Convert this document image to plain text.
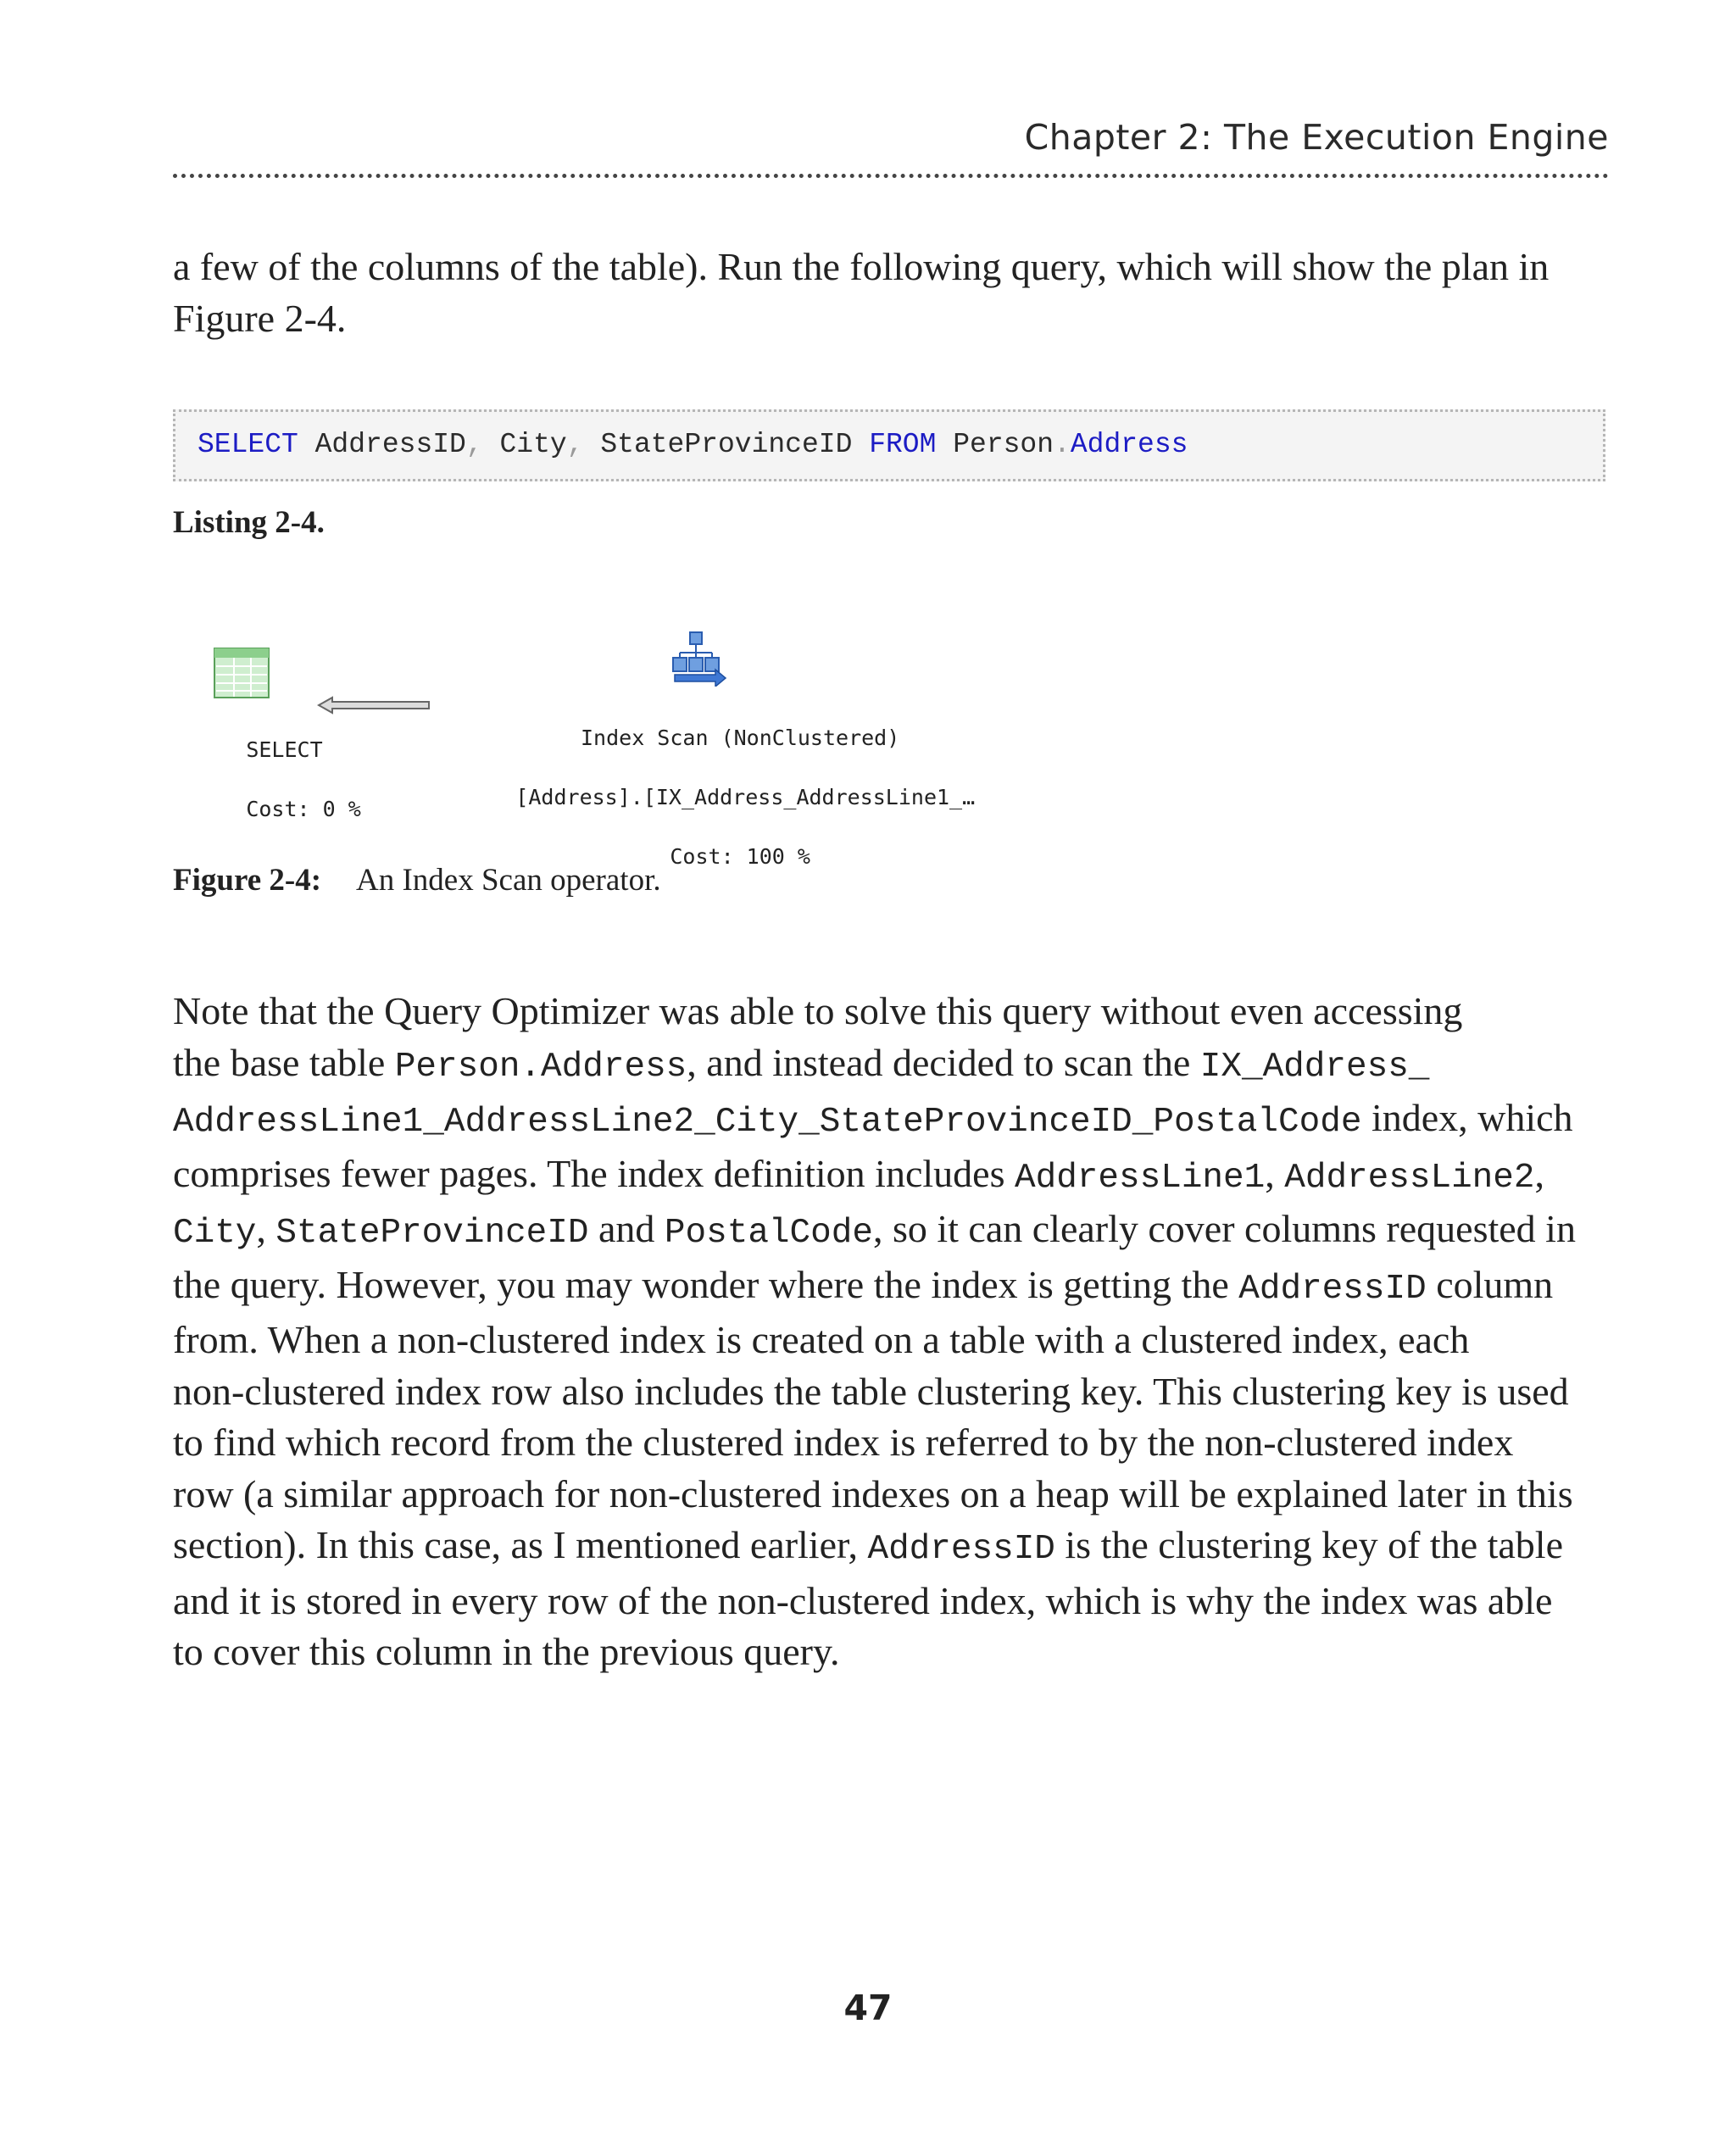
Chapter 2: The Execution Engine

a few of the columns of the table). Run the following query, which will show the plan in
Figure 2-4.

SELECT AddressID, City, StateProvinceID FROM Person.Address
Listing 2-4.

SELECT

Cost: 0 %

Index Scan (NonClustered)

[Address].[IX_Address_AddressLine1_…

Cost: 100 %

Figure 2-4: An Index Scan operator.

Note that the Query Optimizer was able to solve this query without even accessing
the base table Person.Address, and instead decided to scan the IX_Address_
AddressLine1_AddressLine2_City_StateProvinceID_PostalCode index, which
comprises fewer pages. The index definition includes AddressLine1, AddressLine2,
City, StateProvinceID and PostalCode, so it can clearly cover columns requested in
the query. However, you may wonder where the index is getting the AddressID column
from. When a non-clustered index is created on a table with a clustered index, each
non-clustered index row also includes the table clustering key. This clustering key is used
to find which record from the clustered index is referred to by the non-clustered index
row (a similar approach for non-clustered indexes on a heap will be explained later in this
section). In this case, as I mentioned earlier, AddressID is the clustering key of the table
and it is stored in every row of the non-clustered index, which is why the index was able
to cover this column in the previous query.

47
